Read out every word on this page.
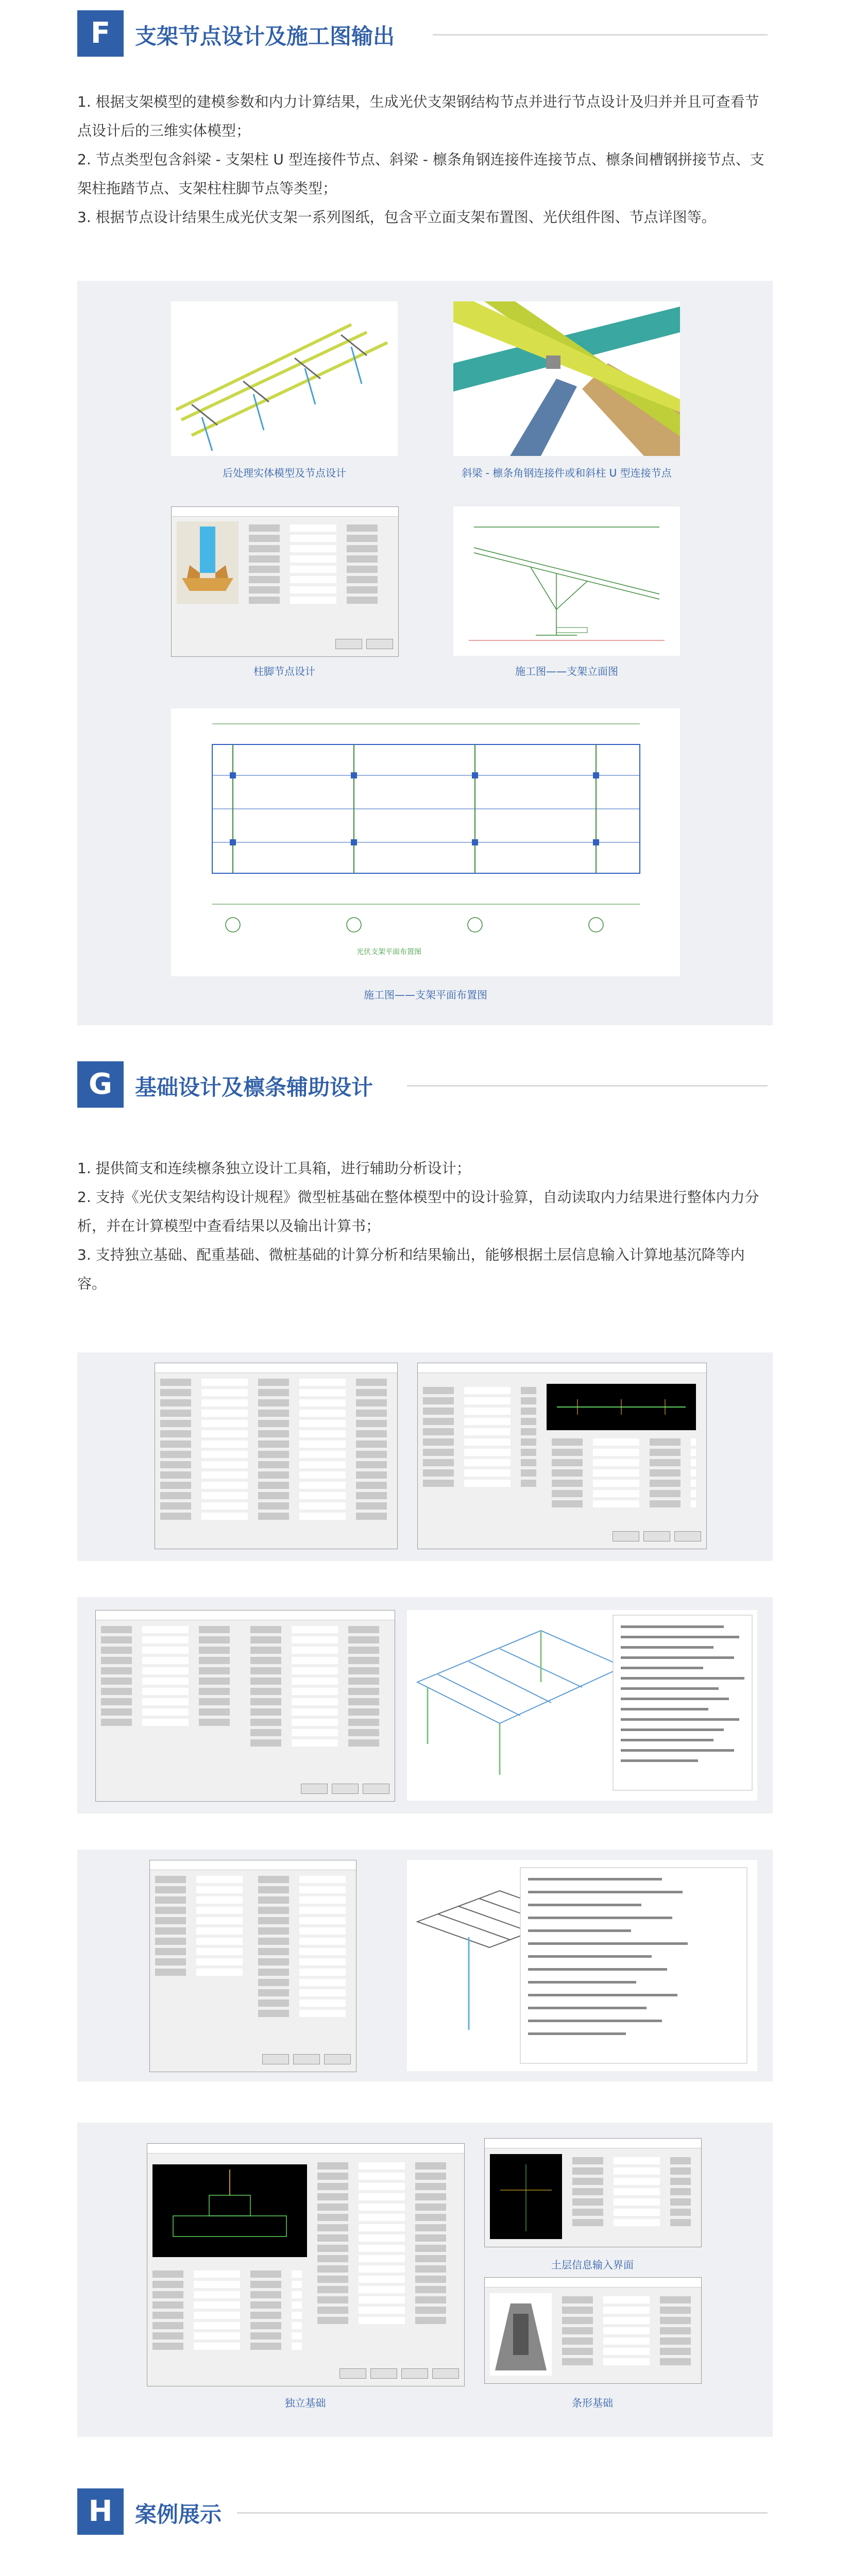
F	支架节点设计及施工图输出

1. 根据支架模型的建模参数和内力计算结果，生成光伏支架钢结构节点并进行节点设计及归并并且可查看节点设计后的三维实体模型；

2. 节点类型包含斜梁 - 支架柱 U 型连接件节点、斜梁 - 檩条角钢连接件连接节点、檩条间槽钢拼接节点、支架柱拖踏节点、支架柱柱脚节点等类型；

3. 根据节点设计结果生成光伏支架一系列图纸，包含平立面支架布置图、光伏组件图、节点详图等。

后处理实体模型及节点设计	斜梁 - 檩条角钢连接件或和斜柱 U 型连接节点
柱脚节点设计	施工图——支架立面图
光伏支架平面布置图
施工图——支架平面布置图
G	基础设计及檩条辅助设计

1. 提供简支和连续檩条独立设计工具箱，进行辅助分析设计；

2. 支持《光伏支架结构设计规程》微型桩基础在整体模型中的设计验算，自动读取内力结果进行整体内力分析，并在计算模型中查看结果以及输出计算书；

3. 支持独立基础、配重基础、微桩基础的计算分析和结果输出，能够根据土层信息输入计算地基沉降等内容。

独立基础
土层信息输入界面
条形基础
H	案例展示
